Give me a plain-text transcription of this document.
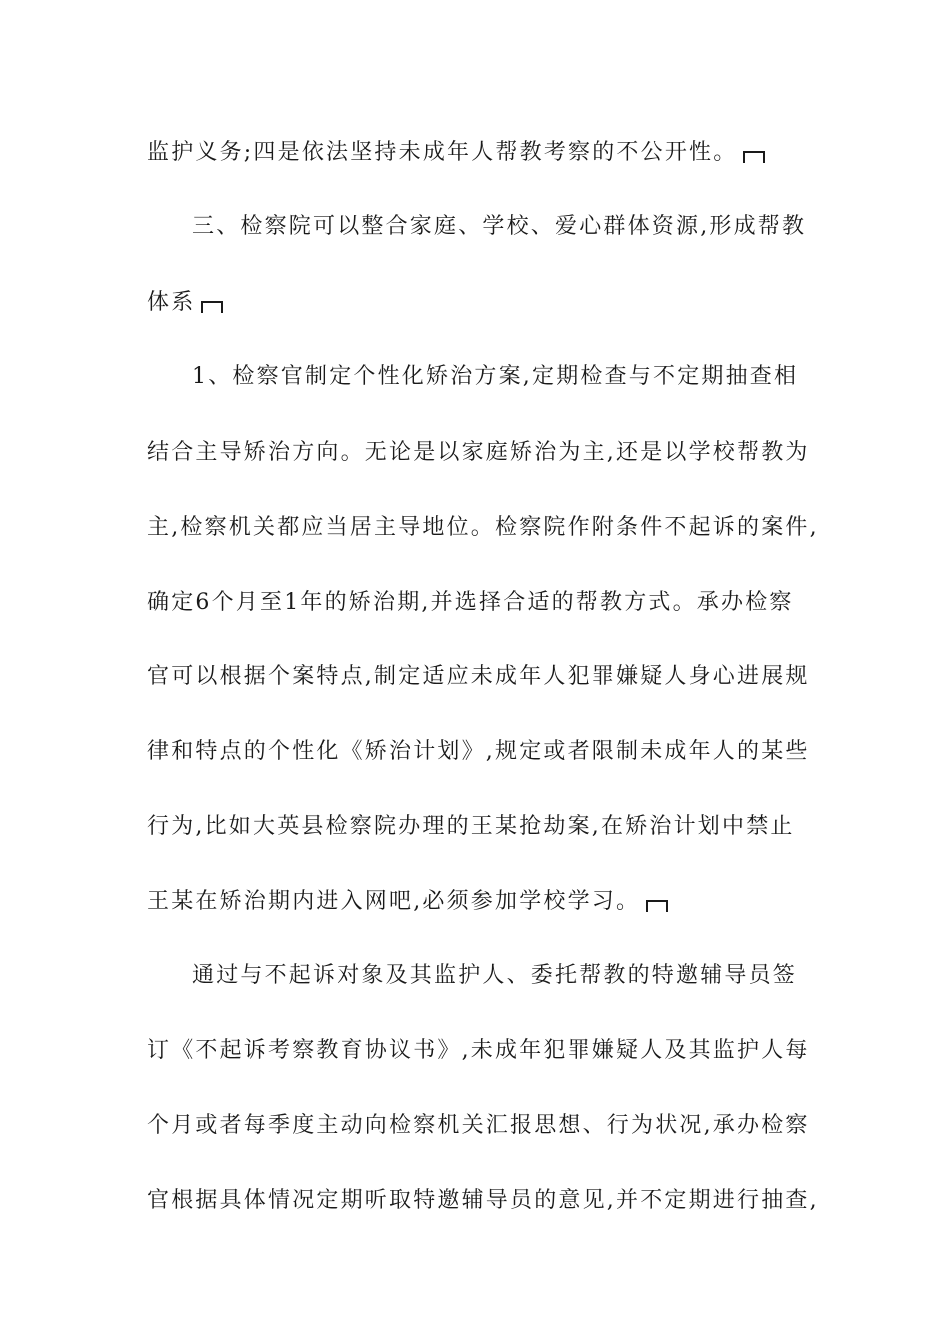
监护义务;四是依法坚持未成年人帮教考察的不公开性。
三、检察院可以整合家庭、学校、爱心群体资源,形成帮教
体系
1、检察官制定个性化矫治方案,定期检查与不定期抽查相
结合主导矫治方向。无论是以家庭矫治为主,还是以学校帮教为
主,检察机关都应当居主导地位。检察院作附条件不起诉的案件,
确定6个月至1年的矫治期,并选择合适的帮教方式。承办检察
官可以根据个案特点,制定适应未成年人犯罪嫌疑人身心进展规
律和特点的个性化《矫治计划》,规定或者限制未成年人的某些
行为,比如大英县检察院办理的王某抢劫案,在矫治计划中禁止
王某在矫治期内进入网吧,必须参加学校学习。
通过与不起诉对象及其监护人、委托帮教的特邀辅导员签
订《不起诉考察教育协议书》,未成年犯罪嫌疑人及其监护人每
个月或者每季度主动向检察机关汇报思想、行为状况,承办检察
官根据具体情况定期听取特邀辅导员的意见,并不定期进行抽查,
